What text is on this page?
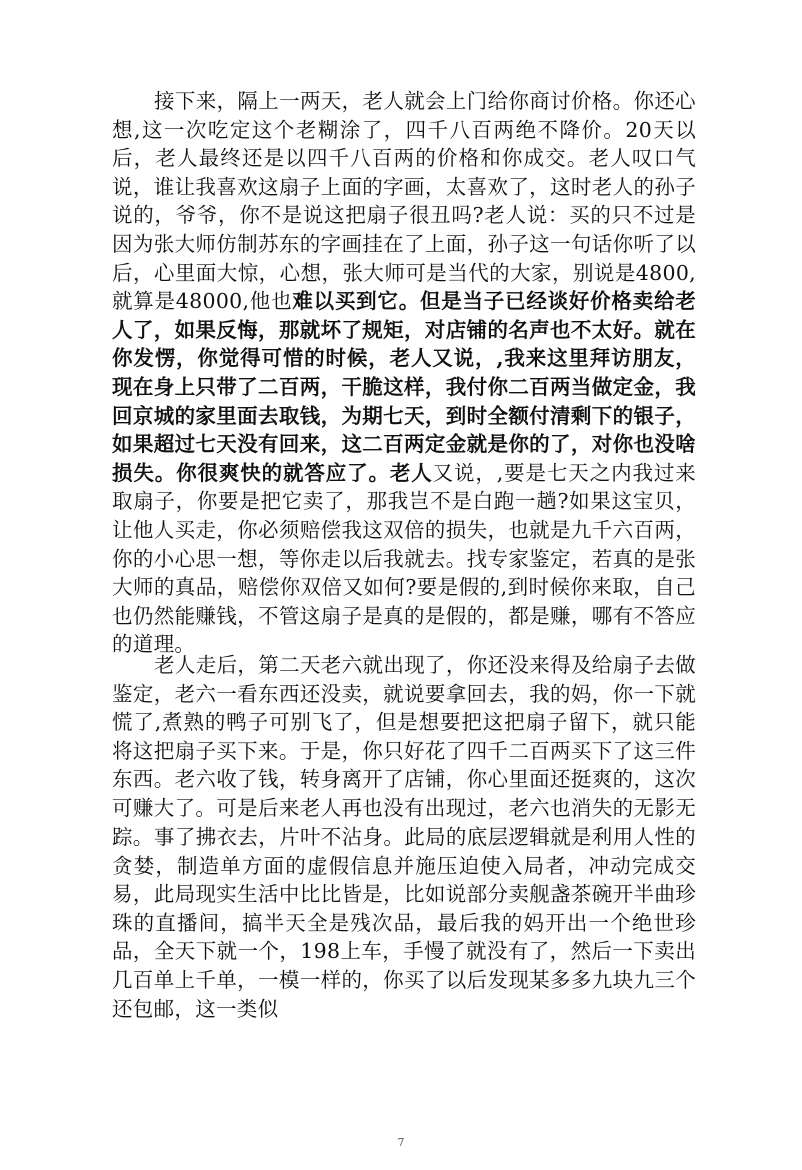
接下来，隔上一两天，老人就会上门给你商讨价格。你还心想,这一次吃定这个老糊涂了，四千八百两绝不降价。20天以后，老人最终还是以四千八百两的价格和你成交。老人叹口气说，谁让我喜欢这扇子上面的字画，太喜欢了，这时老人的孙子说的，爷爷，你不是说这把扇子很丑吗?老人说：买的只不过是因为张大师仿制苏东的字画挂在了上面，孙子这一句话你听了以后，心里面大惊，心想，张大师可是当代的大家，别说是4800,就算是48000,他也难以买到它。但是当子已经谈好价格卖给老人了，如果反悔，那就坏了规矩，对店铺的名声也不太好。就在你发愣，你觉得可惜的时候，老人又说，,我来这里拜访朋友，现在身上只带了二百两，干脆这样，我付你二百两当做定金，我回京城的家里面去取钱，为期七天，到时全额付清剩下的银子，如果超过七天没有回来，这二百两定金就是你的了，对你也没啥损失。你很爽快的就答应了。老人又说，,要是七天之内我过来取扇子，你要是把它卖了，那我岂不是白跑一趟?如果这宝贝，让他人买走，你必须赔偿我这双倍的损失，也就是九千六百两，你的小心思一想，等你走以后我就去。找专家鉴定，若真的是张大师的真品，赔偿你双倍又如何?要是假的,到时候你来取，自己也仍然能赚钱，不管这扇子是真的是假的，都是赚，哪有不答应的道理。

老人走后，第二天老六就出现了，你还没来得及给扇子去做鉴定，老六一看东西还没卖，就说要拿回去，我的妈，你一下就慌了,煮熟的鸭子可别飞了，但是想要把这把扇子留下，就只能将这把扇子买下来。于是，你只好花了四千二百两买下了这三件东西。老六收了钱，转身离开了店铺，你心里面还挺爽的，这次可赚大了。可是后来老人再也没有出现过，老六也消失的无影无踪。 事了拂衣去，片叶不沾身。此局的底层逻辑就是利用人性的贪婪，制造单方面的虚假信息并施压迫使入局者，冲动完成交易，此局现实生活中比比皆是，比如说部分卖舰盏茶碗开半曲珍珠的直播间，搞半天全是残次品，最后我的妈开出一个绝世珍品，全天下就一个，198上车，手慢了就没有了，然后一下卖出几百单上千单，一模一样的，你买了以后发现某多多九块九三个还包邮，这一类似

7
